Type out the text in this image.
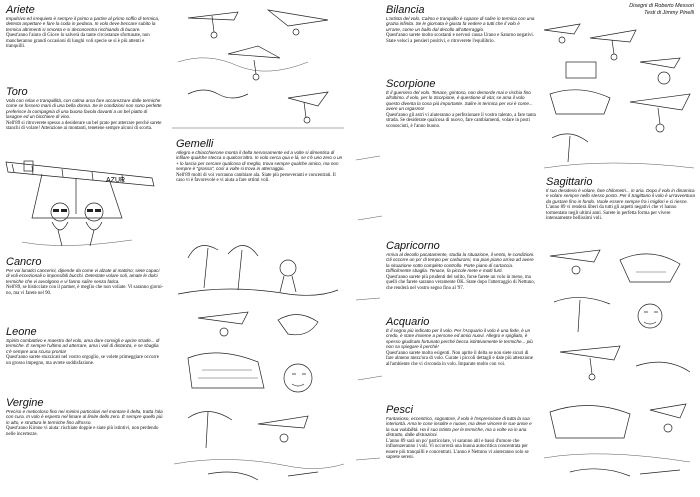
Ariete

Impulsivo ed irrequieto è sempre il primo a partire al primo soffio di termica, detesta aspettare e fare la coda in pedana. In volo deve beccare subito la termica altrimenti si smonta e si deconcentra rischiando di bucare.

Quest'anno l'aiuto di Giove lo salverà da tante circostanze sfortunate, non mancheranno grandi occasioni di lunghi voli specie se si è più attenti e tranquilli.

Toro

Vola con relax e tranquillità, con calma arna fare accarezzare dalle termiche come se fossero mani di una bella donna. Se le condizioni non sono perfette preferisce la compagnia di una buona favola davanti a un bel piatto di lasagne ed un bicchiere di vino.

Nell'89 si ritroverete spesso a desiderare un bel prato per atterrare perché sarete stanchi di volare! Attenzione ai montanti, tenetene sempre alcuni di scorta.

AZUR
Gemelli

Allegro e chiacchierone monta il delta nervosamente ed a volte si dimentica di infilare qualche stecca o qualcos'altro. In volo cerca qua e là, se c'è uno zero o un + lo lascia per cercare qualcosa di meglio, trova sempre qualche amico, ma non sempre è "grassa", così a volte si trova in atterraggio.

Nell'89 molti di voi vorranno cambiare ala. Siate più perseveranti e concentrati. Il caso vi è favorevole e vi aiuta a fare ottimi voli.

Cancro

Per voi lunatici cancerini, dipende da come vi alzate al mattino; siete capaci di voli eccezionali o impossibili bucchi. Detestate volare soli, amate le dolci termiche che vi avvolgono e vi fanno salire senza fatica.

Nell'89, se bisticciate con il partner, è meglio che non voliate. Vi saranno giorni-no, ma vi farete nel 90.

Leone

Spirito combattivo e maestro del volo, ama dare consigli e aprire strade... di termiche. È sempre l'ultimo ad atterrare, ama i voli di distanza, e se sbaglia c'è sempre una scusa pronta!

Quest'anno sarete stuzzicati nel vostro orgoglio, se volete primeggiare occorre un grosso impegno, ma avrete soddisfazione.

Vergine

Preciso e meticoloso fino nei minimi particolari nel montare il delta, tratta l'ala con cura. In volo è esperto nel limare al limite dello zero. È sempre quello più in alto, e struttura le termiche fino all'osso.

Quest'anno Kirone vi aiuta: rischiate doppie e siate più istintivi, non perdendo nelle incertezze.

Disegni di Roberto Messori
Testi di Jimmy Pinelli
Bilancia

L'artista del volo. Calmo e tranquillo è capace di salire in termica con una grazia infinita. Se le giornata è giusta fa vedere a tutti che il volo è un'arte, come un ballo dal decollo all'atterraggio.

Quest'anno sarete molto scostanti e nervosi causa Urano e Saturno negativi. State veloci a pensieri positivi, e ritroverete l'equilibrio.

Scorpione

È il guerriero del volo. Tenace, grintoso, non demorde mai e rischia fino all'ultimo. Il volo, per lo Scorpione, è questione di vita; se ama il volo questo diventa la cosa più importante. Salire in termica per voi è come... avere un orgasmo!

Quest'anno gli astri vi aiuteranno a perfezionare il vostro talento, a fare tanta strada. Se desiderate qualcosa di nuovo, fare cambiamenti, volare in posti sconosciuti, è l'anno buono.

Capricorno

Arriva al decollo pacatamente, studia la situazione, il vento, le condizioni. Gli occorre un po' di tempo per carburarsi, ma pian piano arriva ad avere la situazione sotto completo controllo. Parte piano di cartaccia. Difficilmente sbaglia. Tenace, fa piccole mete e molti furti.

Quest'anno sarete più prudenti del solito, forse farete un volo in meno, ma quelli che farete saranno veramente OK. State dopo l'atterraggio di Nettuno, che renderà nel vostro segno fino al '97.

Acquario

È il segno più indicato per il volo. Per l'Acquario il volo è una fede, è un credo, è stare insieme a persone ed amici nuovi. Allegro e spigliato, è spesso giudicato fortunato perché becca istintivamente le termiche... più non sa spiegare il perché!

Quest'anno sarete molto esigenti. Non aprite il delta se non siete sicuri di fare almeno mezz'ora di volo. Curate i piccoli dettagli e date più attenzione all'ambiente che vi circonda in volo. Imparate molto con voi.

Pesci

Fantasioso, eccentrico, sognatore, il volo è l'espressione di tutta la sua interiorità. Ama le cose insolite e nuove, ma deve vincere le sue ansie e la sua volubilità. Ha il suo istinto per le termiche, ma a volte va in aria distratto, dalle distrazioni.

L'anno 89 sarà un po' particolare, vi saranno alti e bassi d'umore che influenzeranno i voli. Vi occorrerà una buona autocritica concentrata per essere più tranquilli e concentrati. L'anno è Nettuno vi aiuteranno solo se saprete sereni.

Sagittario

Il suo desiderio è volare, fare chilometri... in aria. Dopo il volo in dinamica e volare sempre nello stesso posto. Per il Sagittario il volo è un'avventura da gustare fino in fondo. Vuole essere sempre fra i migliori e ci riesce.

L'anno 89 vi renderà liberi da tutti gli aspetti negativi che vi hanno tormentato negli ultimi anni. Sarete in perfetta forma per vivere intensamente bellissimi voli.
